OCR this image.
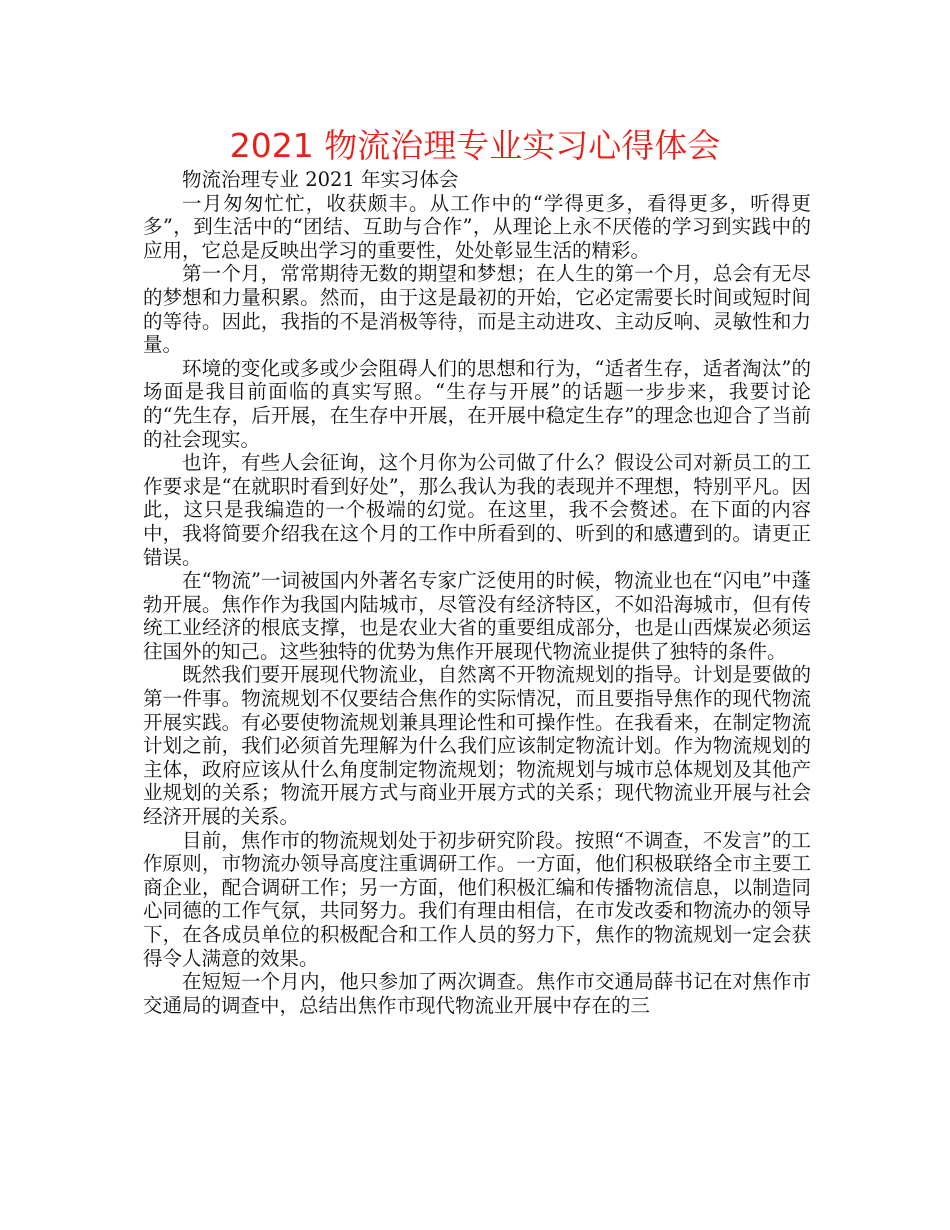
2021 物流治理专业实习心得体会

物流治理专业 2021 年实习体会

一月匆匆忙忙，收获颇丰。从工作中的“学得更多，看得更多，听得更多”，到生活中的“团结、互助与合作”，从理论上永不厌倦的学习到实践中的应用，它总是反映出学习的重要性，处处彰显生活的精彩。

第一个月，常常期待无数的期望和梦想；在人生的第一个月，总会有无尽的梦想和力量积累。然而，由于这是最初的开始，它必定需要长时间或短时间的等待。因此，我指的不是消极等待，而是主动进攻、主动反响、灵敏性和力量。

环境的变化或多或少会阻碍人们的思想和行为，“适者生存，适者淘汰”的场面是我目前面临的真实写照。“生存与开展”的话题一步步来，我要讨论的“先生存，后开展，在生存中开展，在开展中稳定生存”的理念也迎合了当前的社会现实。

也许，有些人会征询，这个月你为公司做了什么？假设公司对新员工的工作要求是“在就职时看到好处”，那么我认为我的表现并不理想，特别平凡。因此，这只是我编造的一个极端的幻觉。在这里，我不会赘述。在下面的内容中，我将简要介绍我在这个月的工作中所看到的、听到的和感遭到的。请更正错误。

在“物流”一词被国内外著名专家广泛使用的时候，物流业也在“闪电”中蓬勃开展。焦作作为我国内陆城市，尽管没有经济特区，不如沿海城市，但有传统工业经济的根底支撑，也是农业大省的重要组成部分，也是山西煤炭必须运往国外的知己。这些独特的优势为焦作开展现代物流业提供了独特的条件。

既然我们要开展现代物流业，自然离不开物流规划的指导。计划是要做的第一件事。物流规划不仅要结合焦作的实际情况，而且要指导焦作的现代物流开展实践。有必要使物流规划兼具理论性和可操作性。在我看来，在制定物流计划之前，我们必须首先理解为什么我们应该制定物流计划。作为物流规划的主体，政府应该从什么角度制定物流规划；物流规划与城市总体规划及其他产业规划的关系；物流开展方式与商业开展方式的关系；现代物流业开展与社会经济开展的关系。

目前，焦作市的物流规划处于初步研究阶段。按照“不调查，不发言”的工作原则，市物流办领导高度注重调研工作。一方面，他们积极联络全市主要工商企业，配合调研工作；另一方面，他们积极汇编和传播物流信息，以制造同心同德的工作气氛，共同努力。我们有理由相信，在市发改委和物流办的领导下，在各成员单位的积极配合和工作人员的努力下，焦作的物流规划一定会获得令人满意的效果。

在短短一个月内，他只参加了两次调查。焦作市交通局薛书记在对焦作市交通局的调查中，总结出焦作市现代物流业开展中存在的三
